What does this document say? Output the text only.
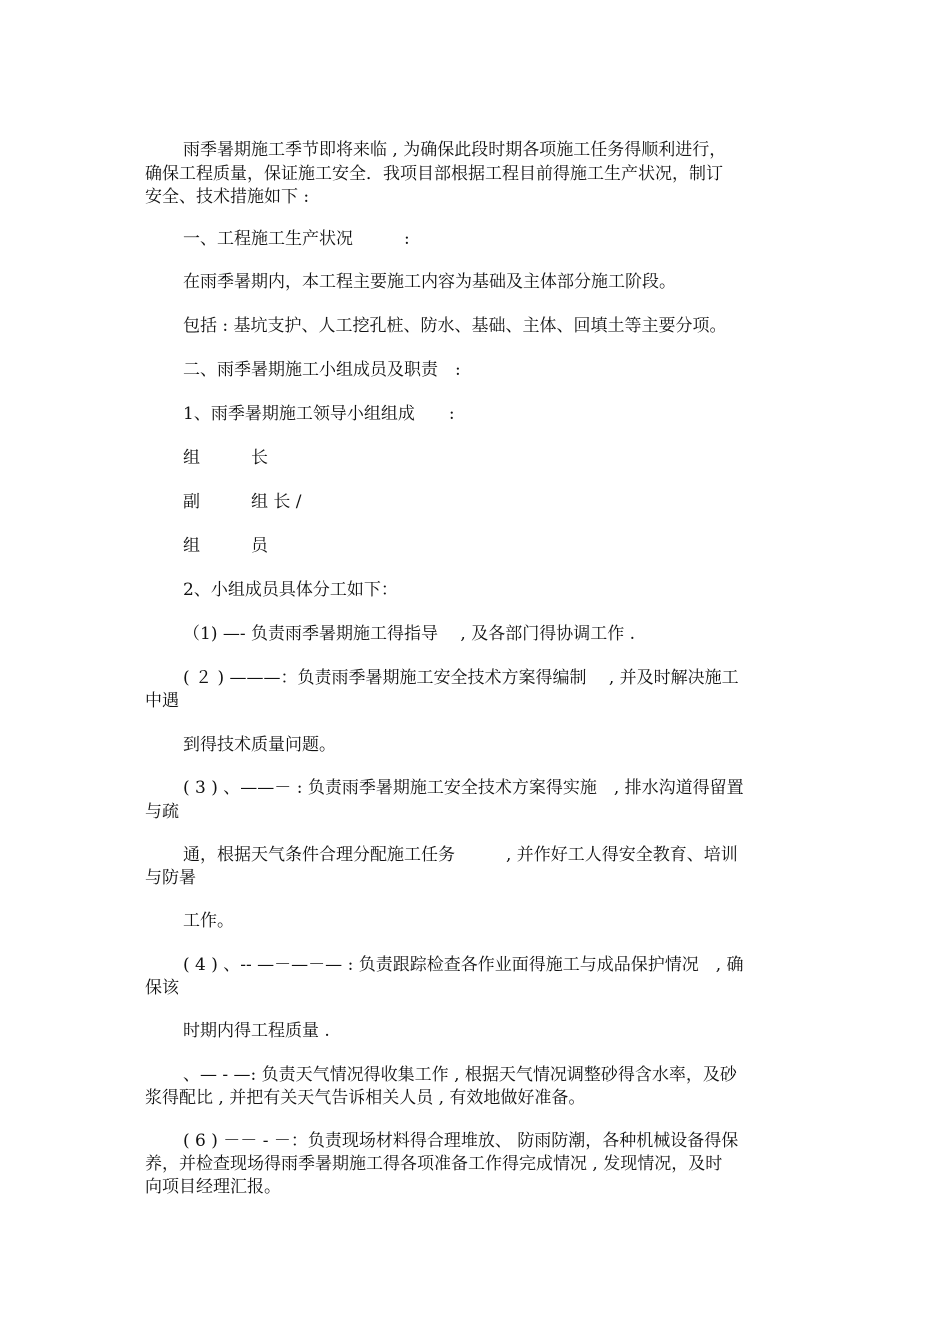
雨季暑期施工季节即将来临 , 为确保此段时期各项施工任务得顺利进行，
确保工程质量，保证施工安全．我项目部根据工程目前得施工生产状况，制订
安全、技术措施如下 :
一、工程施工生产状况　　　:
在雨季暑期内，本工程主要施工内容为基础及主体部分施工阶段。
包括 : 基坑支护、人工挖孔桩、防水、基础、主体、回填土等主要分项。
二、雨季暑期施工小组成员及职责　:
1、雨季暑期施工领导小组组成　　:
组　　　长
副　　　组 长 /
组　　　员
2、小组成员具体分工如下：
（1) —- 负责雨季暑期施工得指导　 , 及各部门得协调工作 .
( ２ ) ———：负责雨季暑期施工安全技术方案得编制　 , 并及时解决施工
中遇
到得技术质量问题。
( 3 ) 、——－ : 负责雨季暑期施工安全技术方案得实施　, 排水沟道得留置
与疏
通，根据天气条件合理分配施工任务　　　, 并作好工人得安全教育、培训
与防暑
工作。
( 4 ) 、-- —－—－— : 负责跟踪检查各作业面得施工与成品保护情况　, 确
保该
时期内得工程质量 .
、— - —: 负责天气情况得收集工作 , 根据天气情况调整砂得含水率，及砂
浆得配比 , 并把有关天气告诉相关人员 , 有效地做好准备。
( 6 ) －－ - －：负责现场材料得合理堆放、 防雨防潮，各种机械设备得保
养，并检查现场得雨季暑期施工得各项准备工作得完成情况 , 发现情况，及时
向项目经理汇报。
